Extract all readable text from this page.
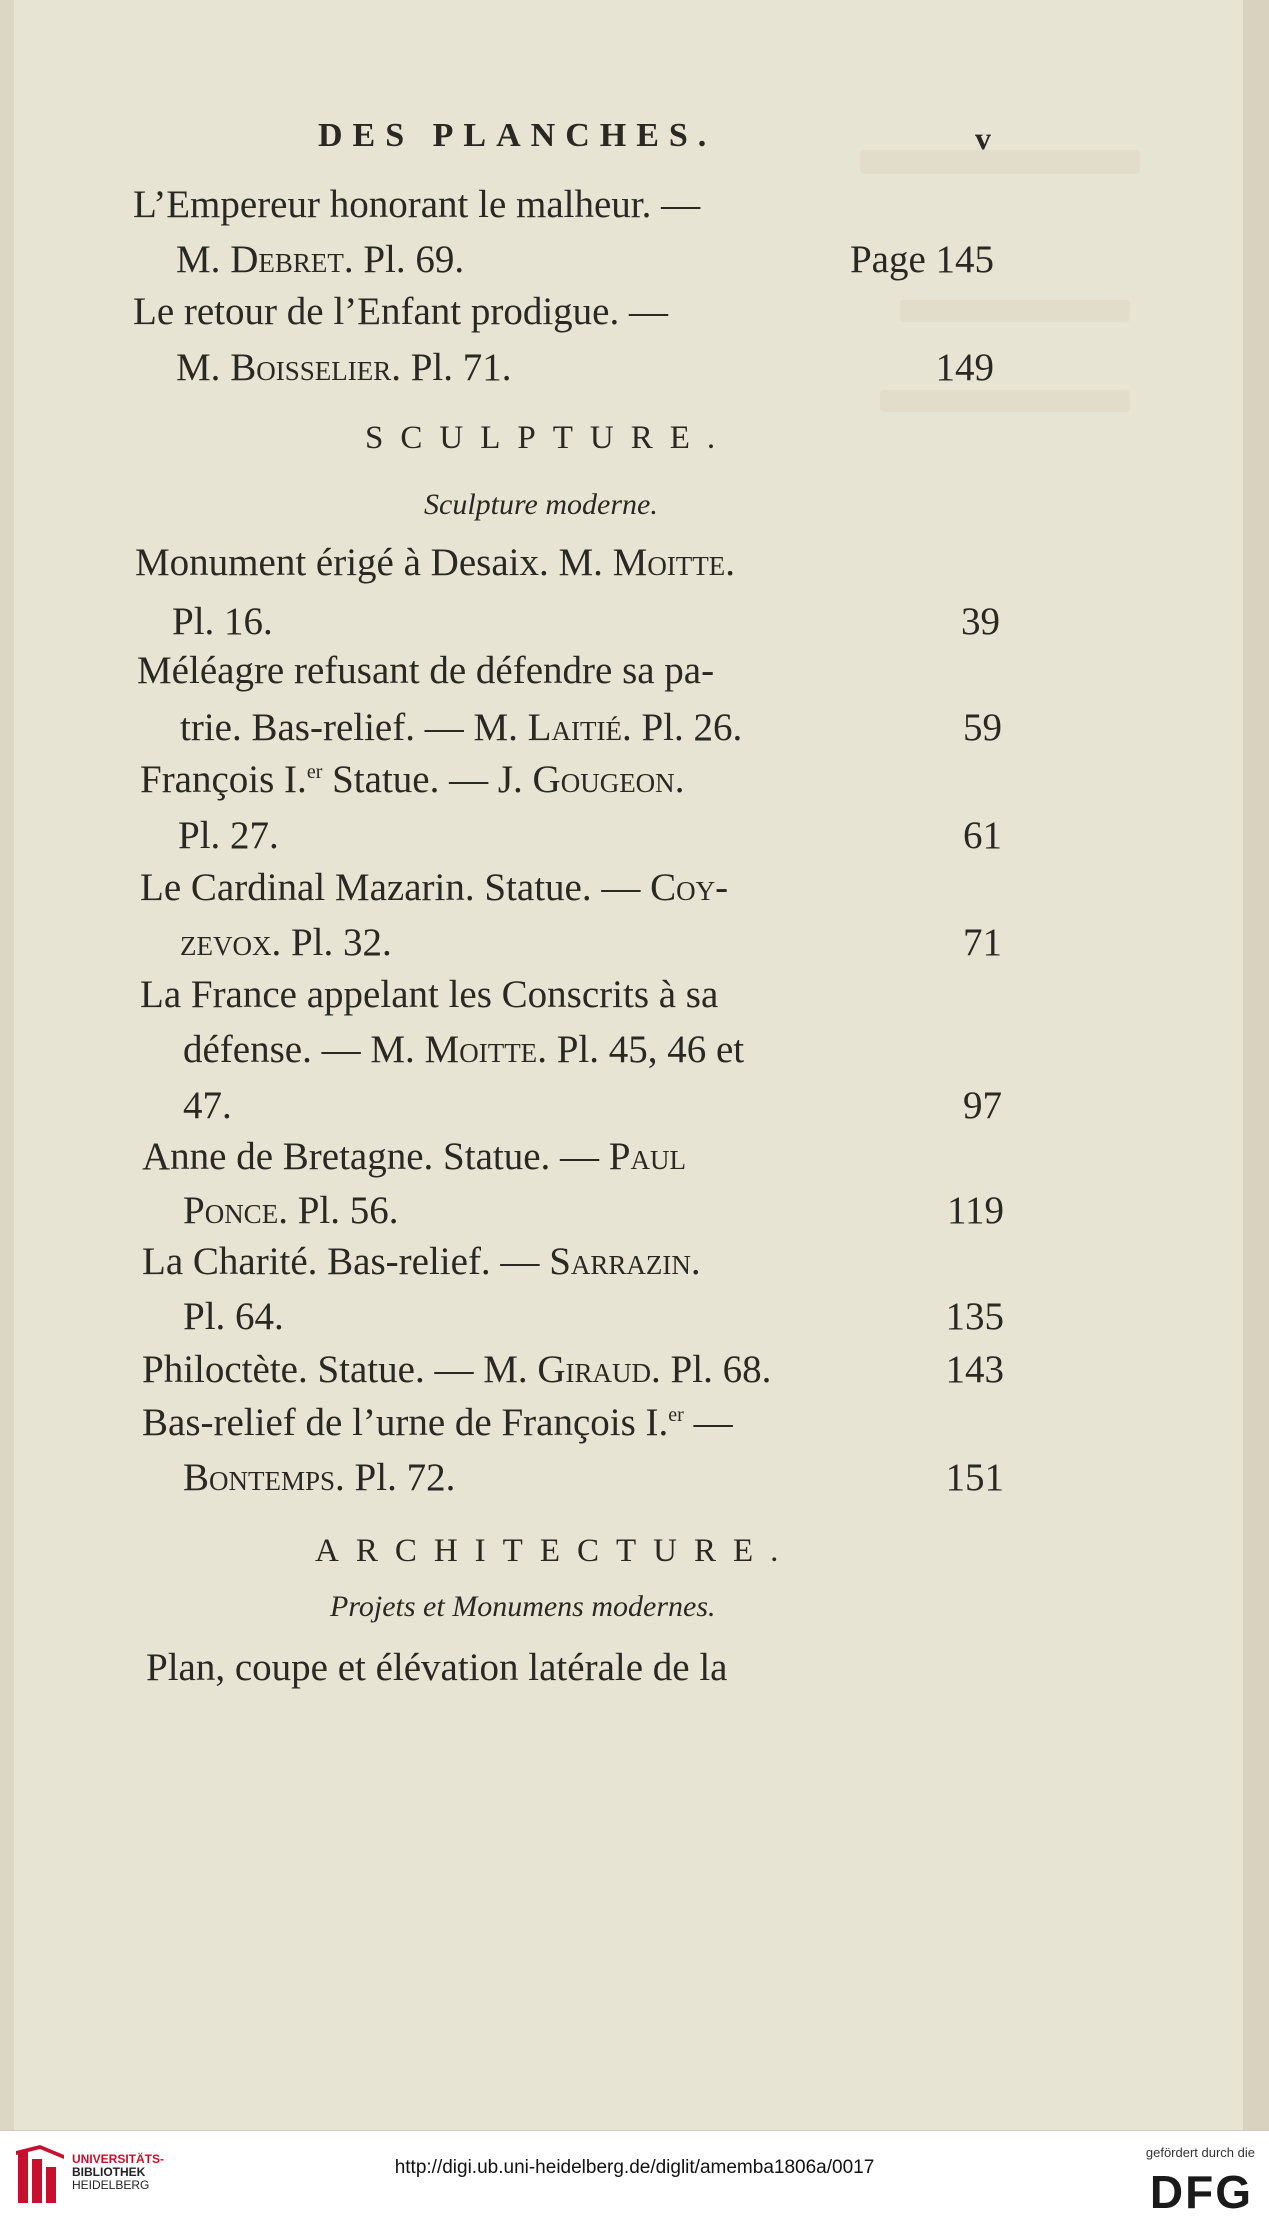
DES PLANCHES.	v
L’Empereur honorant le malheur. —
M. Debret. Pl. 69.	Page 145
Le retour de l’Enfant prodigue. —
M. Boisselier. Pl. 71.	149
SCULPTURE.
Sculpture moderne.
Monument érigé à Desaix. M. Moitte.
Pl. 16.	39
Méléagre refusant de défendre sa pa-
trie. Bas-relief. — M. Laitié. Pl. 26.	59
François I.$^{er}$ Statue. — J. Gougeon.
Pl. 27.	61
Le Cardinal Mazarin. Statue. — Coy-
zevox. Pl. 32.	71
La France appelant les Conscrits à sa
défense. — M. Moitte. Pl. 45, 46 et
47.	97
Anne de Bretagne. Statue. — Paul
Ponce. Pl. 56.	119
La Charité. Bas-relief. — Sarrazin.
Pl. 64.	135
Philoctète. Statue. — M. Giraud. Pl. 68.	143
Bas-relief de l’urne de François I.$^{er}$ —
Bontemps. Pl. 72.	151
ARCHITECTURE.
Projets et Monumens modernes.
Plan, coupe et élévation latérale de la
UNIVERSITÄTS-
BIBLIOTHEK
HEIDELBERG
http://digi.ub.uni-heidelberg.de/diglit/amemba1806a/0017
gefördert durch die
DFG
